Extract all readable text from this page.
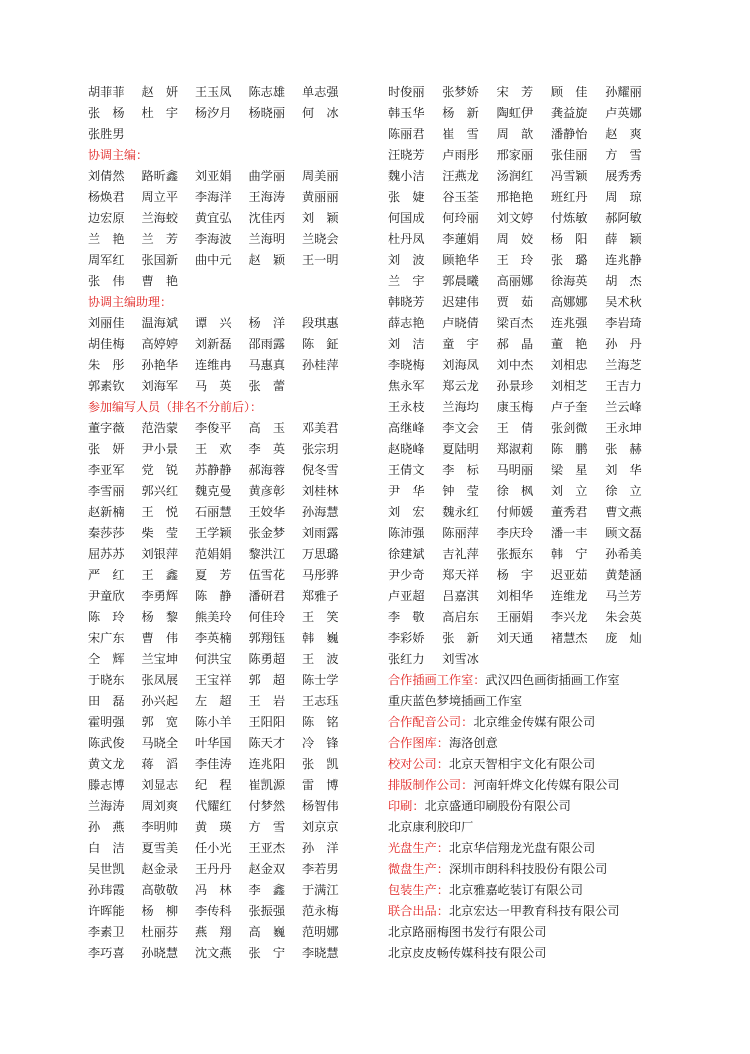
胡菲菲	赵　妍	王玉凤	陈志雄	单志强
张　杨	杜　宇	杨汐月	杨晓丽	何　冰
张胜男
协调主编：
刘倩然	路昕鑫	刘亚娟	曲学丽	周美丽
杨焕君	周立平	李海洋	王海涛	黄丽丽
边宏原	兰海蛟	黄宜弘	沈佳丙	刘　颖
兰　艳	兰　芳	李海波	兰海明	兰晓会
周军红	张国新	曲中元	赵　颖	王一明
张　伟	曹　艳
协调主编助理：
刘丽佳	温海斌	谭　兴	杨　洋	段琪惠
胡佳梅	高婷婷	刘新磊	邵雨露	陈　鉦
朱　彤	孙艳华	连维冉	马惠真	孙桂萍
郭素钦	刘海军	马　英	张　蕾
参加编写人员（排名不分前后）：
董字薇	范浩蒙	李俊平	高　玉	邓美君
张　妍	尹小景	王　欢	李　英	张宗玥
李亚军	党　锐	苏静静	郝海蓉	倪冬雪
李雪丽	郭兴红	魏克曼	黄彦彰	刘桂林
赵新楠	王　悦	石丽慧	王姣华	孙海慧
秦莎莎	柴　莹	王学颖	张金梦	刘雨露
屈苏苏	刘银萍	范娟娟	黎洪江	万思璐
严　红	王　鑫	夏　芳	伍雪花	马彤骅
尹童欣	李勇辉	陈　静	潘研君	郑雅子
陈　玲	杨　黎	熊美玲	何佳玲	王　笑
宋广东	曹　伟	李英楠	郭翔钰	韩　巍
仝　辉	兰宝坤	何洪宝	陈勇超	王　波
于晓东	张凤展	王宝祥	郭　超	陈士学
田　磊	孙兴起	左　超	王　岩	王志珏
霍明强	郭　宽	陈小羊	王阳阳	陈　铭
陈武俊	马晓全	叶华国	陈天才	冷　锋
黄文龙	蒋　滔	李佳涛	连兆阳	张　凯
滕志博	刘显志	纪　程	崔凯源	雷　博
兰海涛	周刘爽	代耀红	付梦然	杨智伟
孙　燕	李明帅	黄　瑛	方　雪	刘京京
白　洁	夏雪美	任小光	王亚杰	孙　洋
吴世凯	赵金录	王丹丹	赵金双	李若男
孙玮霞	高敬敬	冯　林	李　鑫	于满江
许晖能	杨　柳	李传科	张振强	范永梅
李素卫	杜丽芬	燕　翔	高　巍	范明娜
李巧喜	孙晓慧	沈文燕	张　宁	李晓慧
时俊丽	张梦娇	宋　芳	顾　佳	孙耀丽
韩玉华	杨　新	陶虹伊	龚益旋	卢英娜
陈丽君	崔　雪	周　歆	潘静怡	赵　爽
汪晓芳	卢雨彤	邢家丽	张佳丽	方　雪
魏小洁	汪燕龙	汤润红	冯雪颖	展秀秀
张　婕	谷玉荃	邢艳艳	班红丹	周　琼
何国成	何玲丽	刘文婷	付炼敏	郝阿敏
杜丹凤	李蓮娟	周　姣	杨　阳	薛　颖
刘　波	顾艳华	王　玲	张　璐	连兆静
兰　宇	郭晨曦	高丽娜	徐海英	胡　杰
韩晓芳	迟建伟	贾　茹	高娜娜	吴术秋
薛志艳	卢晓倩	梁百杰	连兆强	李岩琦
刘　洁	童　宇	郝　晶	董　艳	孙　丹
李晓梅	刘海凤	刘中杰	刘相忠	兰海芝
焦永军	郑云龙	孙景珍	刘相芝	王吉力
王永枝	兰海均	康玉梅	卢子奎	兰云峰
高继峰	李文会	王　倩	张剑微	王永坤
赵晓峰	夏陆明	郑淑莉	陈　鹏	张　赫
王倩文	李　标	马明丽	梁　星	刘　华
尹　华	钟　莹	徐　枫	刘　立	徐　立
刘　宏	魏永红	付师媛	董秀君	曹文燕
陈沛强	陈丽萍	李庆玲	潘一丰	顾文磊
徐建斌	吉礼萍	张振东	韩　宁	孙希美
尹少奇	郑天祥	杨　宇	迟亚茹	黄楚涵
卢亚超	吕嘉淇	刘相华	连维龙	马兰芳
李　敬	高启东	王丽娟	李兴龙	朱会英
李彩娇	张　新	刘天通	褚慧杰	庞　灿
张红力	刘雪冰
合作插画工作室：武汉四色画街插画工作室
重庆蓝色梦境插画工作室
合作配音公司：北京维金传媒有限公司
合作图库：海洛创意
校对公司：北京天智相宇文化有限公司
排版制作公司：河南轩烨文化传媒有限公司
印刷：北京盛通印刷股份有限公司
北京康利胶印厂
光盘生产：北京华信翔龙光盘有限公司
微盘生产：深圳市朗科科技股份有限公司
包装生产：北京雅嘉屹装订有限公司
联合出品：北京宏达一甲教育科技有限公司
北京路丽梅图书发行有限公司
北京皮皮畅传媒科技有限公司
